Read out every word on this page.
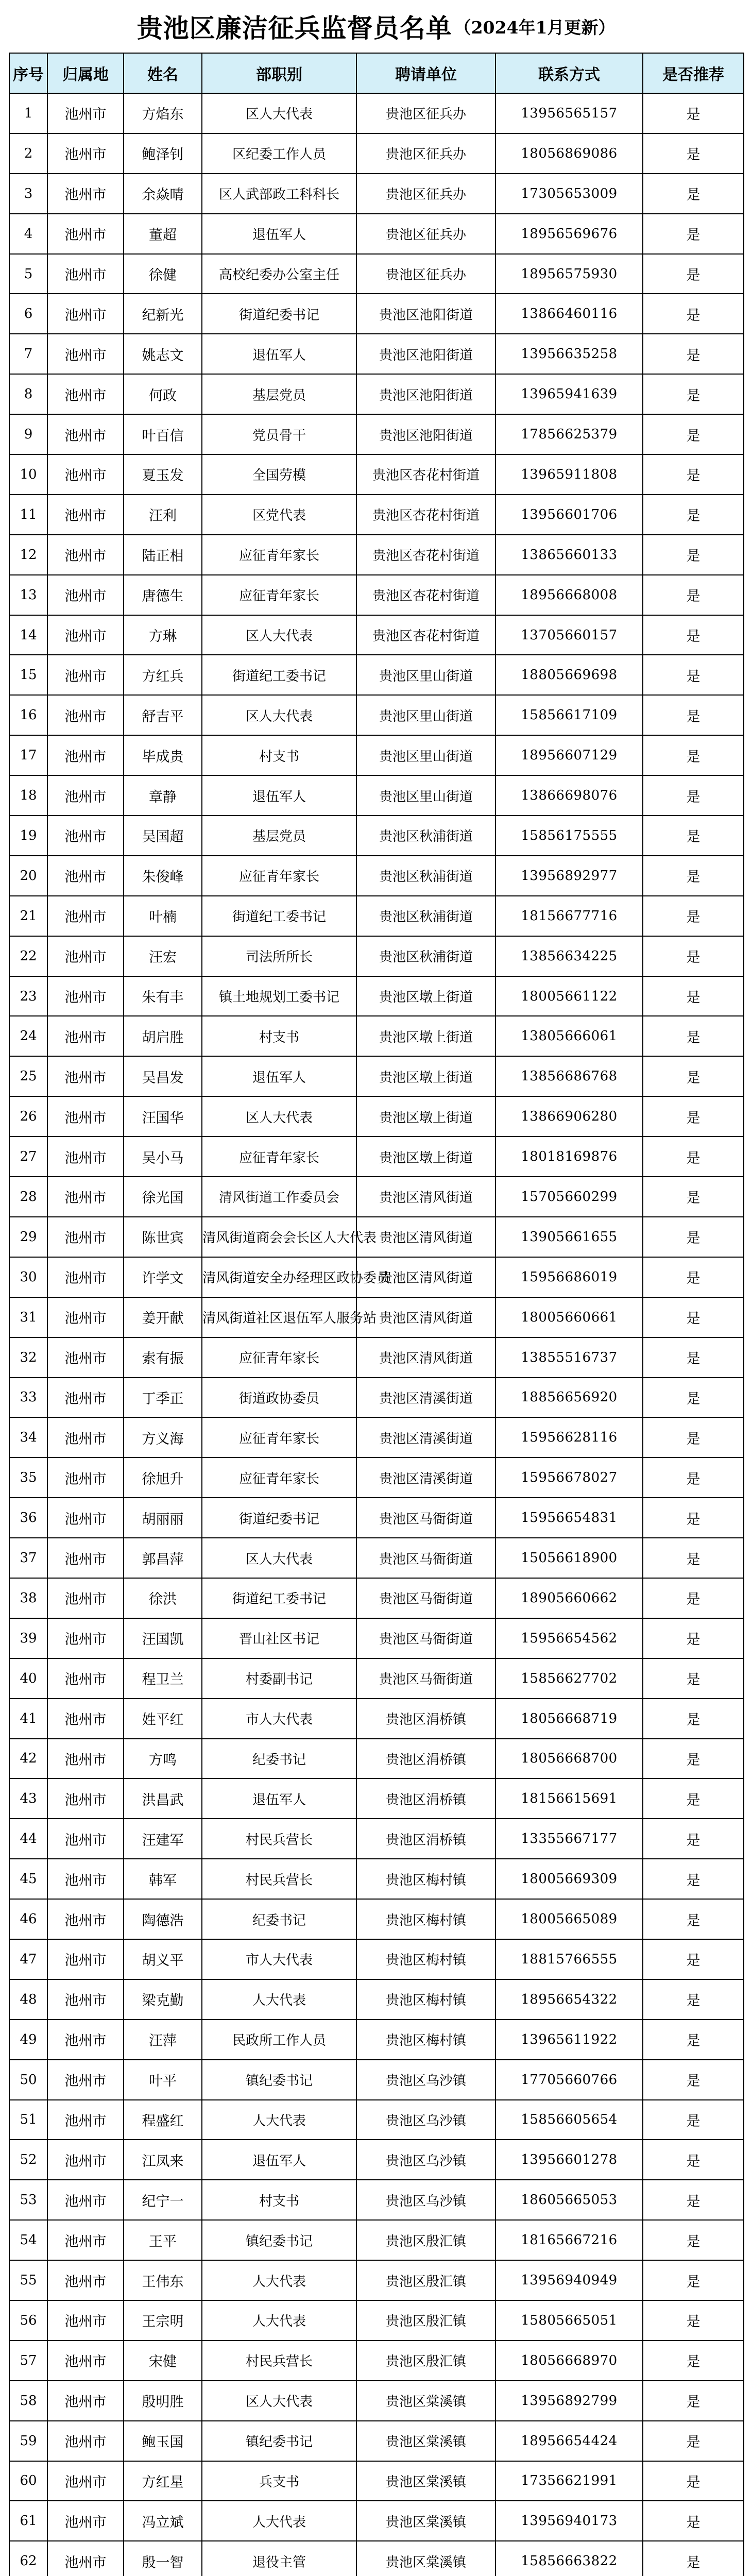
贵池区廉洁征兵监督员名单 （2024年1月更新）
序号	归属地	姓名	部职别	聘请单位	联系方式	是否推荐
1	池州市	方焰东	区人大代表	贵池区征兵办	13956565157	是
2	池州市	鲍泽钊	区纪委工作人员	贵池区征兵办	18056869086	是
3	池州市	余焱晴	区人武部政工科科长	贵池区征兵办	17305653009	是
4	池州市	董超	退伍军人	贵池区征兵办	18956569676	是
5	池州市	徐健	高校纪委办公室主任	贵池区征兵办	18956575930	是
6	池州市	纪新光	街道纪委书记	贵池区池阳街道	13866460116	是
7	池州市	姚志文	退伍军人	贵池区池阳街道	13956635258	是
8	池州市	何政	基层党员	贵池区池阳街道	13965941639	是
9	池州市	叶百信	党员骨干	贵池区池阳街道	17856625379	是
10	池州市	夏玉发	全国劳模	贵池区杏花村街道	13965911808	是
11	池州市	汪利	区党代表	贵池区杏花村街道	13956601706	是
12	池州市	陆正相	应征青年家长	贵池区杏花村街道	13865660133	是
13	池州市	唐德生	应征青年家长	贵池区杏花村街道	18956668008	是
14	池州市	方琳	区人大代表	贵池区杏花村街道	13705660157	是
15	池州市	方红兵	街道纪工委书记	贵池区里山街道	18805669698	是
16	池州市	舒吉平	区人大代表	贵池区里山街道	15856617109	是
17	池州市	毕成贵	村支书	贵池区里山街道	18956607129	是
18	池州市	章静	退伍军人	贵池区里山街道	13866698076	是
19	池州市	吴国超	基层党员	贵池区秋浦街道	15856175555	是
20	池州市	朱俊峰	应征青年家长	贵池区秋浦街道	13956892977	是
21	池州市	叶楠	街道纪工委书记	贵池区秋浦街道	18156677716	是
22	池州市	汪宏	司法所所长	贵池区秋浦街道	13856634225	是
23	池州市	朱有丰	镇土地规划工委书记	贵池区墩上街道	18005661122	是
24	池州市	胡启胜	村支书	贵池区墩上街道	13805666061	是
25	池州市	吴昌发	退伍军人	贵池区墩上街道	13856686768	是
26	池州市	汪国华	区人大代表	贵池区墩上街道	13866906280	是
27	池州市	吴小马	应征青年家长	贵池区墩上街道	18018169876	是
28	池州市	徐光国	清风街道工作委员会	贵池区清风街道	15705660299	是
29	池州市	陈世宾	清风街道商会会长区人大代表	贵池区清风街道	13905661655	是
30	池州市	许学文	清风街道安全办经理区政协委员	贵池区清风街道	15956686019	是
31	池州市	姜开献	清风街道社区退伍军人服务站	贵池区清风街道	18005660661	是
32	池州市	索有振	应征青年家长	贵池区清风街道	13855516737	是
33	池州市	丁季正	街道政协委员	贵池区清溪街道	18856656920	是
34	池州市	方义海	应征青年家长	贵池区清溪街道	15956628116	是
35	池州市	徐旭升	应征青年家长	贵池区清溪街道	15956678027	是
36	池州市	胡丽丽	街道纪委书记	贵池区马衙街道	15956654831	是
37	池州市	郭昌萍	区人大代表	贵池区马衙街道	15056618900	是
38	池州市	徐洪	街道纪工委书记	贵池区马衙街道	18905660662	是
39	池州市	汪国凯	晋山社区书记	贵池区马衙街道	15956654562	是
40	池州市	程卫兰	村委副书记	贵池区马衙街道	15856627702	是
41	池州市	姓平红	市人大代表	贵池区涓桥镇	18056668719	是
42	池州市	方鸣	纪委书记	贵池区涓桥镇	18056668700	是
43	池州市	洪昌武	退伍军人	贵池区涓桥镇	18156615691	是
44	池州市	汪建军	村民兵营长	贵池区涓桥镇	13355667177	是
45	池州市	韩军	村民兵营长	贵池区梅村镇	18005669309	是
46	池州市	陶德浩	纪委书记	贵池区梅村镇	18005665089	是
47	池州市	胡义平	市人大代表	贵池区梅村镇	18815766555	是
48	池州市	梁克勤	人大代表	贵池区梅村镇	18956654322	是
49	池州市	汪萍	民政所工作人员	贵池区梅村镇	13965611922	是
50	池州市	叶平	镇纪委书记	贵池区乌沙镇	17705660766	是
51	池州市	程盛红	人大代表	贵池区乌沙镇	15856605654	是
52	池州市	江凤来	退伍军人	贵池区乌沙镇	13956601278	是
53	池州市	纪宁一	村支书	贵池区乌沙镇	18605665053	是
54	池州市	王平	镇纪委书记	贵池区殷汇镇	18165667216	是
55	池州市	王伟东	人大代表	贵池区殷汇镇	13956940949	是
56	池州市	王宗明	人大代表	贵池区殷汇镇	15805665051	是
57	池州市	宋健	村民兵营长	贵池区殷汇镇	18056668970	是
58	池州市	殷明胜	区人大代表	贵池区棠溪镇	13956892799	是
59	池州市	鲍玉国	镇纪委书记	贵池区棠溪镇	18956654424	是
60	池州市	方红星	兵支书	贵池区棠溪镇	17356621991	是
61	池州市	冯立斌	人大代表	贵池区棠溪镇	13956940173	是
62	池州市	殷一智	退役主管	贵池区棠溪镇	15856663822	是
